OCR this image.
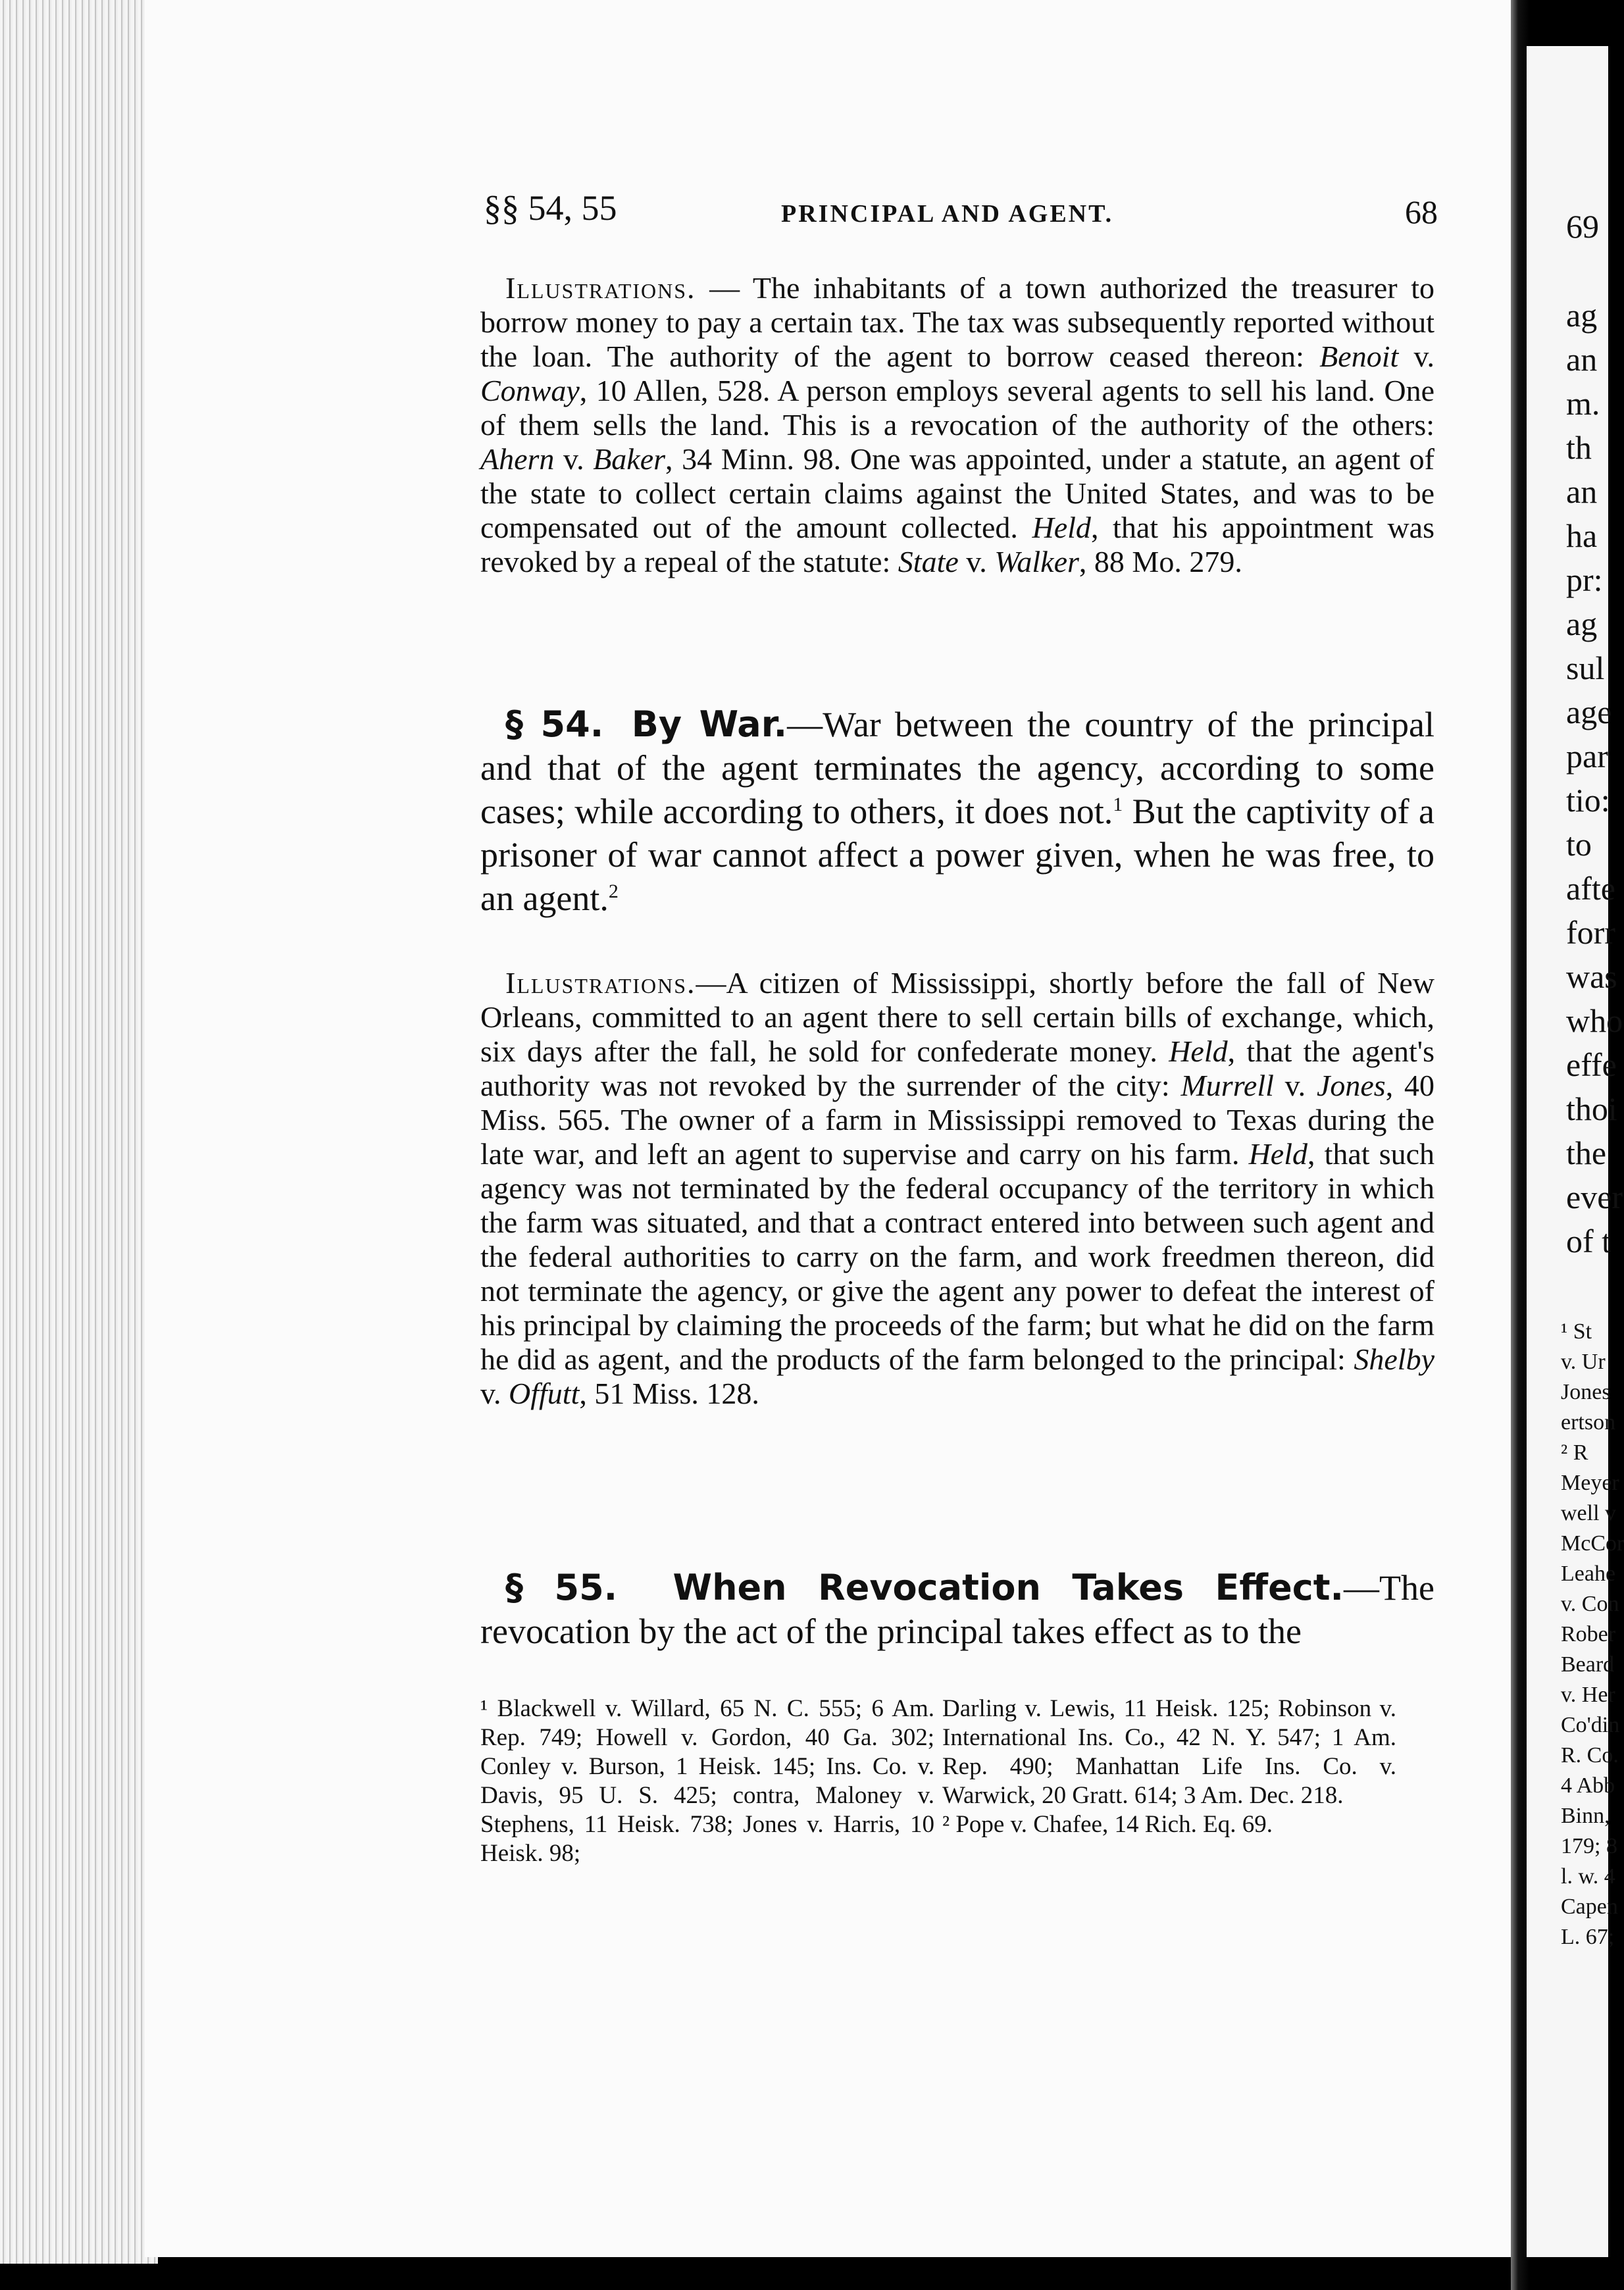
§§ 54, 55	PRINCIPAL AND AGENT.	68
Illustrations. — The inhabitants of a town authorized the treasurer to borrow money to pay a certain tax. The tax was subsequently reported without the loan. The authority of the agent to borrow ceased thereon: Benoit v. Conway, 10 Allen, 528. A person employs several agents to sell his land. One of them sells the land. This is a revocation of the authority of the others: Ahern v. Baker, 34 Minn. 98. One was appointed, under a statute, an agent of the state to collect certain claims against the United States, and was to be compensated out of the amount collected. Held, that his appointment was revoked by a repeal of the statute: State v. Walker, 88 Mo. 279.
§ 54. By War.—War between the country of the principal and that of the agent terminates the agency, according to some cases; while according to others, it does not.$^1$ But the captivity of a prisoner of war cannot affect a power given, when he was free, to an agent.$^2$
Illustrations.—A citizen of Mississippi, shortly before the fall of New Orleans, committed to an agent there to sell certain bills of exchange, which, six days after the fall, he sold for confederate money. Held, that the agent's authority was not revoked by the surrender of the city: Murrell v. Jones, 40 Miss. 565. The owner of a farm in Mississippi removed to Texas during the late war, and left an agent to supervise and carry on his farm. Held, that such agency was not terminated by the federal occupancy of the territory in which the farm was situated, and that a contract entered into between such agent and the federal authorities to carry on the farm, and work freedmen thereon, did not terminate the agency, or give the agent any power to defeat the interest of his principal by claiming the proceeds of the farm; but what he did on the farm he did as agent, and the products of the farm belonged to the principal: Shelby v. Offutt, 51 Miss. 128.
§ 55. When Revocation Takes Effect.—The revocation by the act of the principal takes effect as to the
¹ Blackwell v. Willard, 65 N. C. 555; 6 Am. Rep. 749; Howell v. Gordon, 40 Ga. 302; Conley v. Burson, 1 Heisk. 145; Ins. Co. v. Davis, 95 U. S. 425; contra, Maloney v. Stephens, 11 Heisk. 738; Jones v. Harris, 10 Heisk. 98;
Darling v. Lewis, 11 Heisk. 125; Robinson v. International Ins. Co., 42 N. Y. 547; 1 Am. Rep. 490; Manhattan Life Ins. Co. v. Warwick, 20 Gratt. 614; 3 Am. Dec. 218.
² Pope v. Chafee, 14 Rich. Eq. 69.
69
ag
an
m.
th
an
ha
pr:
ag
sul
age
par
tio:
to
afte
forr
was
who
effe
thoi
the
ever
of t
¹ St
v. Ur
Jones
ertson
² R
Meyer
well v
McCor
Leahe
v. Con
Rober
Beard
v. Her
Co'din
R. Co.
4 Abb
Binn,
179; 8
l. w. 4
Capen
L. 67;
